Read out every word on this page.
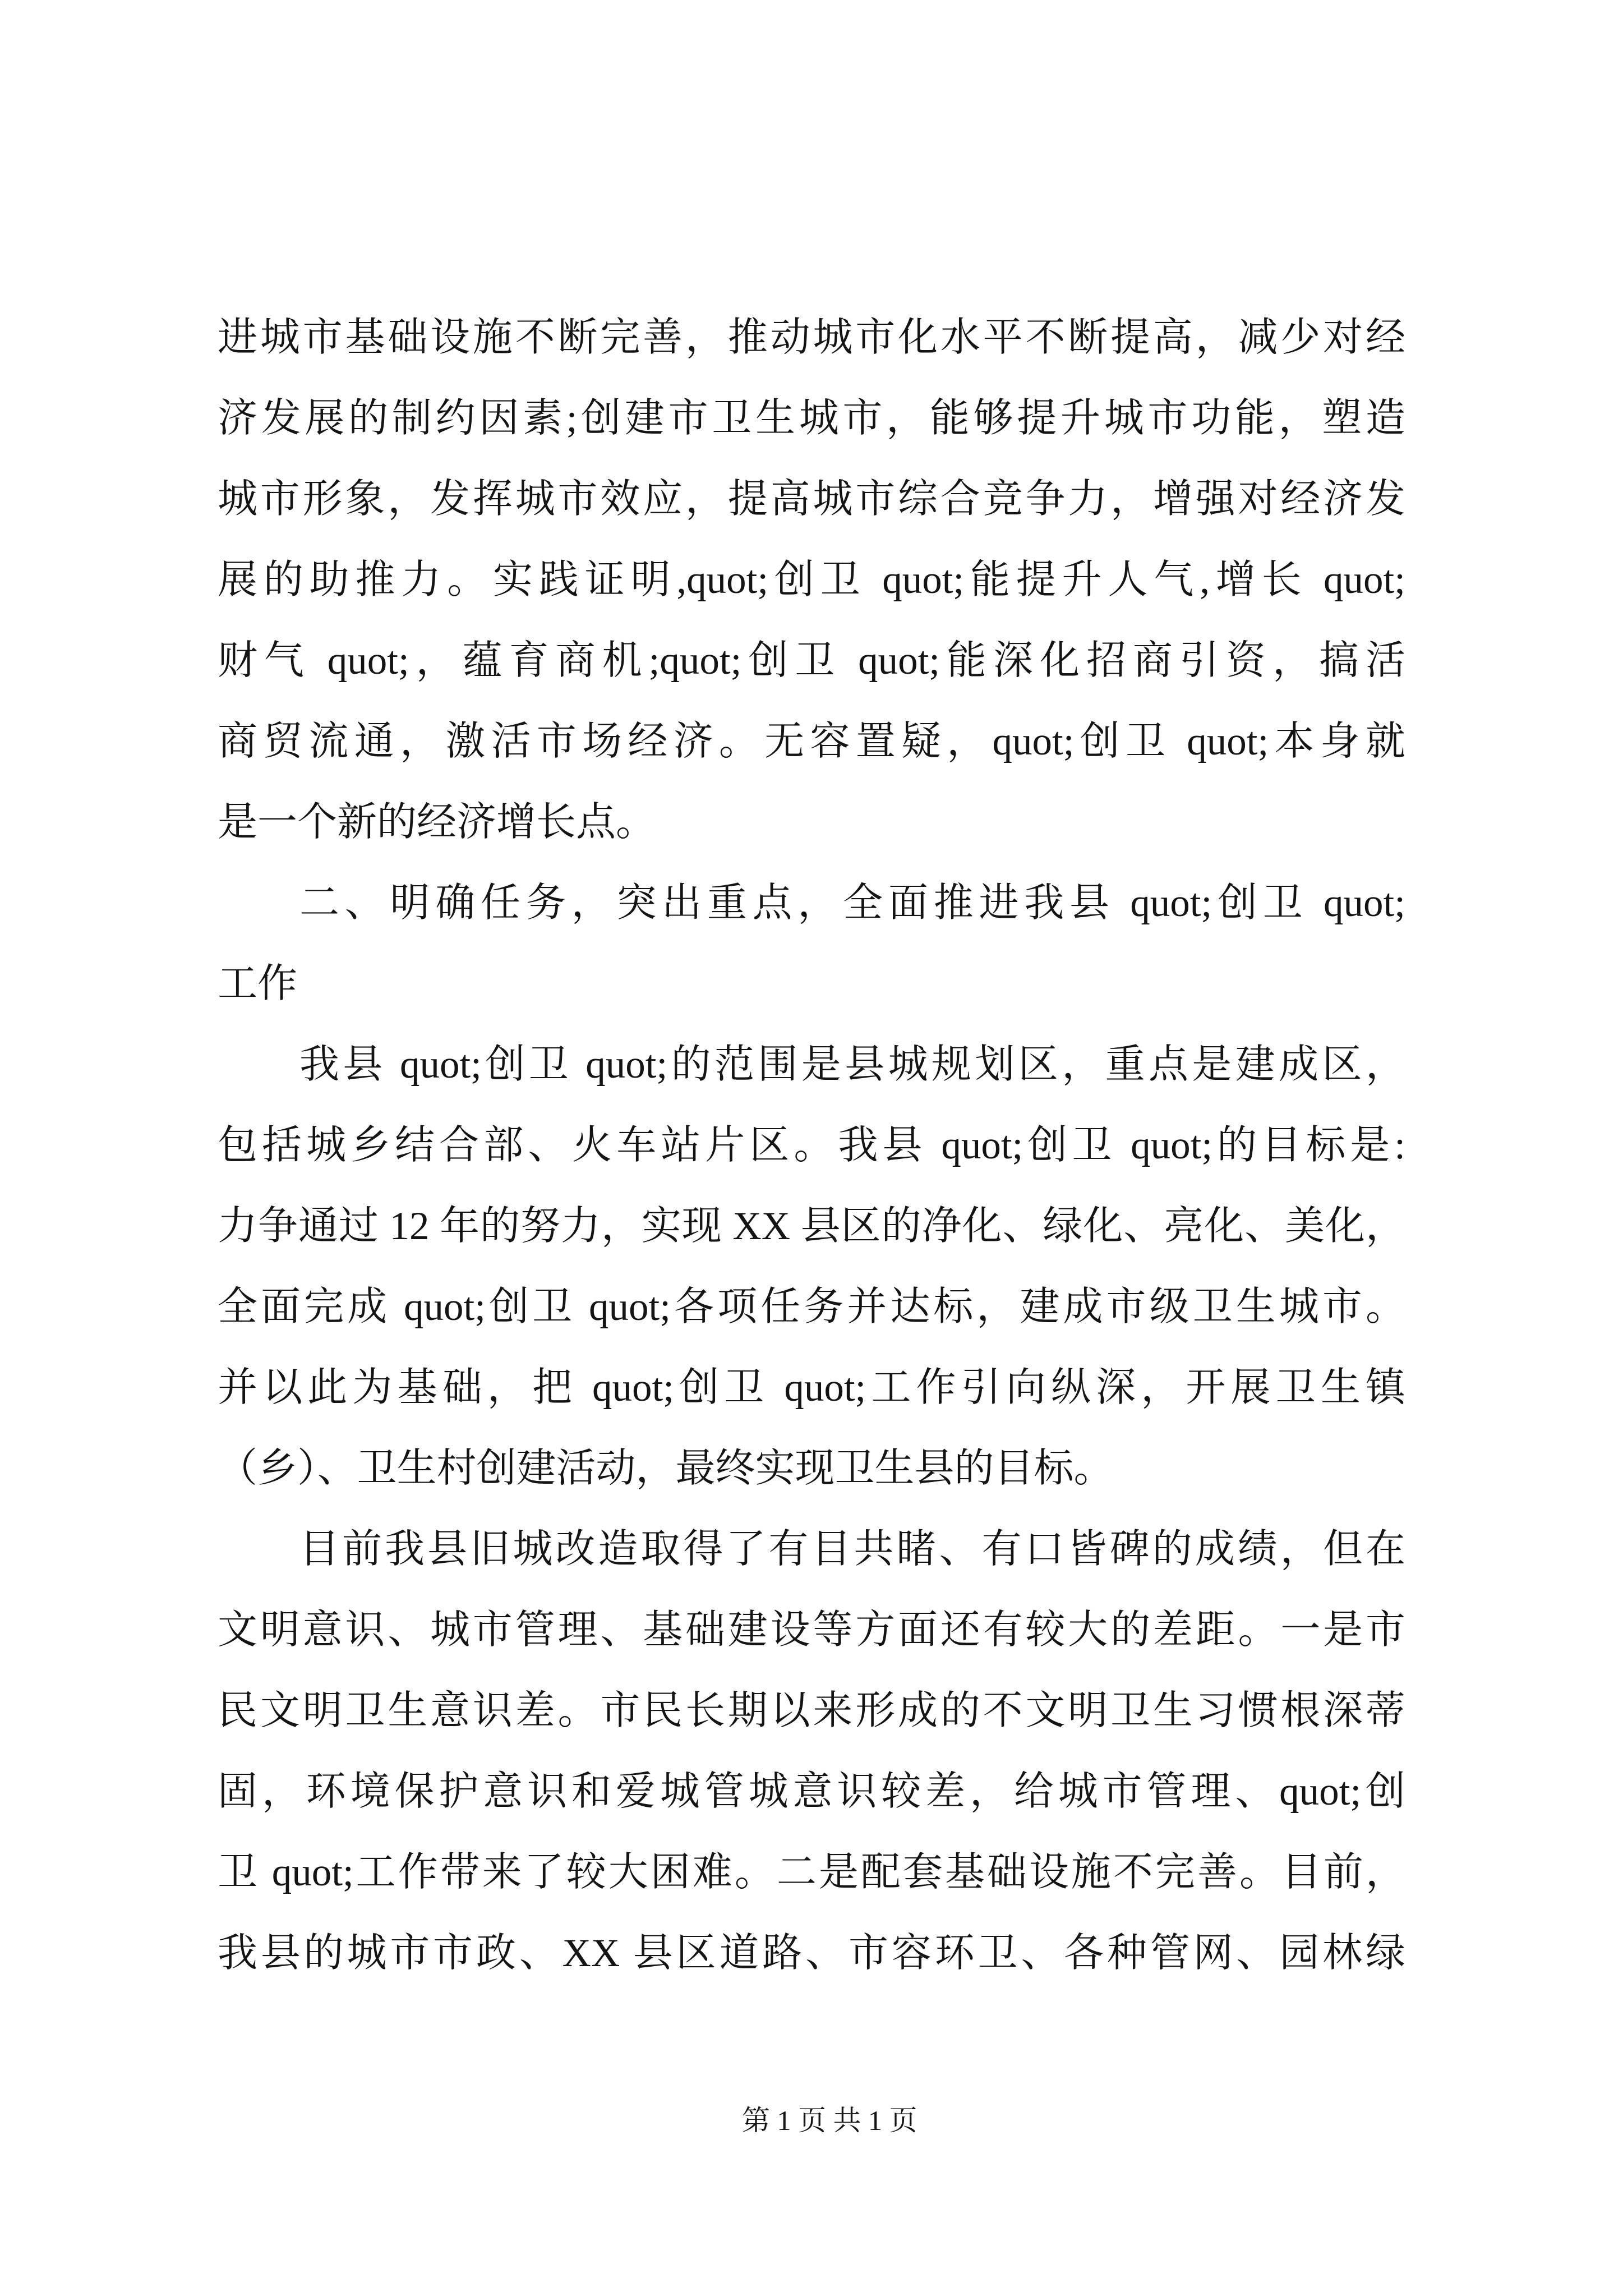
进城市基础设施不断完善，推动城市化水平不断提高，减少对经
济发展的制约因素;创建市卫生城市，能够提升城市功能，塑造
城市形象，发挥城市效应，提高城市综合竞争力，增强对经济发
展的助推力。实践证明,quot;创卫 quot;能提升人气,增长 quot;
财气 quot;，蕴育商机;quot;创卫 quot;能深化招商引资，搞活
商贸流通，激活市场经济。无容置疑，quot;创卫 quot;本身就
是一个新的经济增长点。
二、明确任务，突出重点，全面推进我县 quot;创卫 quot;
工作
我县 quot;创卫 quot;的范围是县城规划区，重点是建成区，
包括城乡结合部、火车站片区。我县 quot;创卫 quot;的目标是:
力争通过 12 年的努力，实现 XX 县区的净化、绿化、亮化、美化，
全面完成 quot;创卫 quot;各项任务并达标，建成市级卫生城市。
并以此为基础，把 quot;创卫 quot;工作引向纵深，开展卫生镇
（乡）、卫生村创建活动，最终实现卫生县的目标。
目前我县旧城改造取得了有目共睹、有口皆碑的成绩，但在
文明意识、城市管理、基础建设等方面还有较大的差距。一是市
民文明卫生意识差。市民长期以来形成的不文明卫生习惯根深蒂
固，环境保护意识和爱城管城意识较差，给城市管理、quot;创
卫 quot;工作带来了较大困难。二是配套基础设施不完善。目前，
我县的城市市政、XX 县区道路、市容环卫、各种管网、园林绿
第 1 页 共 1 页
